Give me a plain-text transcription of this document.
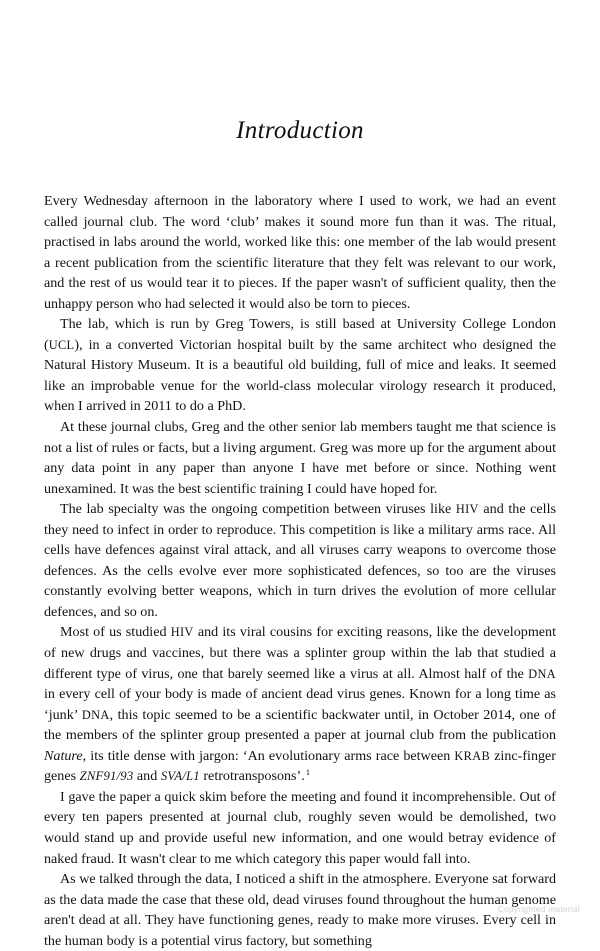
Introduction

Every Wednesday afternoon in the laboratory where I used to work, we had an event called journal club. The word ‘club’ makes it sound more fun than it was. The ritual, practised in labs around the world, worked like this: one member of the lab would present a recent publication from the scientific literature that they felt was relevant to our work, and the rest of us would tear it to pieces. If the paper wasn't of sufficient quality, then the unhappy person who had selected it would also be torn to pieces.

The lab, which is run by Greg Towers, is still based at University College London (UCL), in a converted Victorian hospital built by the same architect who designed the Natural History Museum. It is a beautiful old building, full of mice and leaks. It seemed like an improbable venue for the world-class molecular virology research it produced, when I arrived in 2011 to do a PhD.

At these journal clubs, Greg and the other senior lab members taught me that science is not a list of rules or facts, but a living argument. Greg was more up for the argument about any data point in any paper than anyone I have met before or since. Nothing went unexamined. It was the best scientific training I could have hoped for.

The lab specialty was the ongoing competition between viruses like HIV and the cells they need to infect in order to reproduce. This competition is like a military arms race. All cells have defences against viral attack, and all viruses carry weapons to overcome those defences. As the cells evolve ever more sophisticated defences, so too are the viruses constantly evolving better weapons, which in turn drives the evolution of more cellular defences, and so on.

Most of us studied HIV and its viral cousins for exciting reasons, like the development of new drugs and vaccines, but there was a splinter group within the lab that studied a different type of virus, one that barely seemed like a virus at all. Almost half of the DNA in every cell of your body is made of ancient dead virus genes. Known for a long time as ‘junk’ DNA, this topic seemed to be a scientific backwater until, in October 2014, one of the members of the splinter group presented a paper at journal club from the publication Nature, its title dense with jargon: ‘An evolutionary arms race between KRAB zinc-finger genes ZNF91/93 and SVA/L1 retrotransposons’.$^1$

I gave the paper a quick skim before the meeting and found it incomprehensible. Out of every ten papers presented at journal club, roughly seven would be demolished, two would stand up and provide useful new information, and one would betray evidence of naked fraud. It wasn't clear to me which category this paper would fall into.

As we talked through the data, I noticed a shift in the atmosphere. Everyone sat forward as the data made the case that these old, dead viruses found throughout the human genome aren't dead at all. They have functioning genes, ready to make more viruses. Every cell in the human body is a potential virus factory, but something

Copyrighted material
